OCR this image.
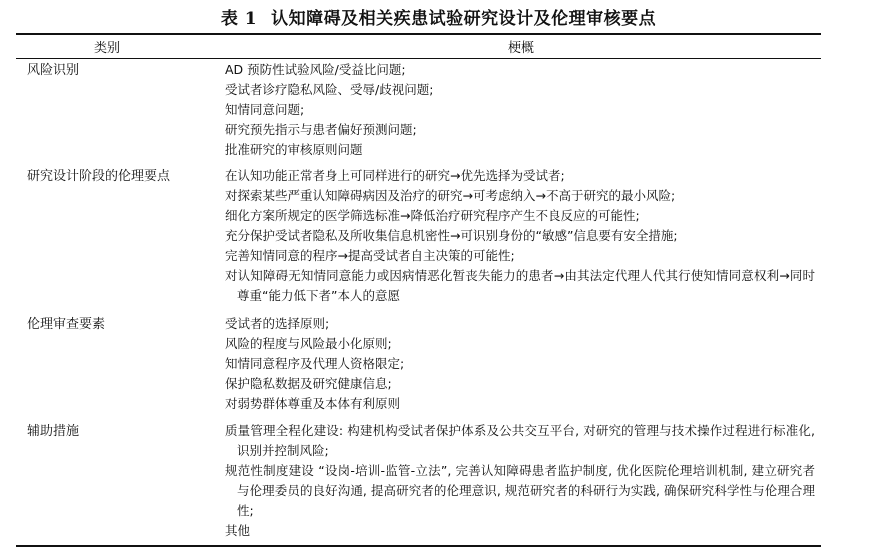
表 1 认知障碍及相关疾患试验研究设计及伦理审核要点
类别	梗概
风险识别	AD 预防性试验风险/受益比问题;
受试者诊疗隐私风险、受辱/歧视问题;
知情同意问题;
研究预先指示与患者偏好预测问题;
批准研究的审核原则问题
研究设计阶段的伦理要点	在认知功能正常者身上可同样进行的研究→优先选择为受试者;
对探索某些严重认知障碍病因及治疗的研究→可考虑纳入→不高于研究的最小风险;
细化方案所规定的医学筛选标准→降低治疗研究程序产生不良反应的可能性;
充分保护受试者隐私及所收集信息机密性→可识别身份的“敏感”信息要有安全措施;
完善知情同意的程序→提高受试者自主决策的可能性;
对认知障碍无知情同意能力或因病情恶化暂丧失能力的患者→由其法定代理人代其行使知情同意权利→同时尊重“能力低下者”本人的意愿
伦理审查要素	受试者的选择原则;
风险的程度与风险最小化原则;
知情同意程序及代理人资格限定;
保护隐私数据及研究健康信息;
对弱势群体尊重及本体有利原则
辅助措施	质量管理全程化建设: 构建机构受试者保护体系及公共交互平台, 对研究的管理与技术操作过程进行标准化, 识别并控制风险;
规范性制度建设 “设岗-培训-监管-立法”, 完善认知障碍患者监护制度, 优化医院伦理培训机制, 建立研究者与伦理委员的良好沟通, 提高研究者的伦理意识, 规范研究者的科研行为实践, 确保研究科学性与伦理合理性;
其他
